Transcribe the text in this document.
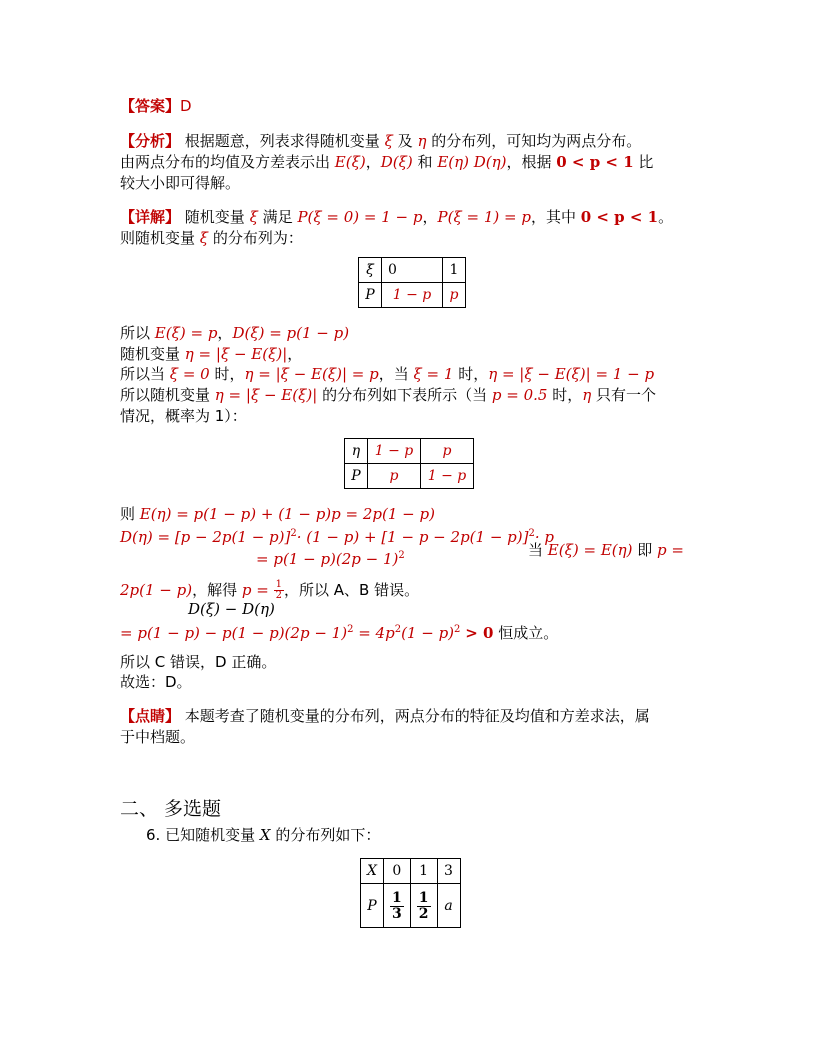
【答案】D
【分析】 根据题意，列表求得随机变量 ξ 及 η 的分布列，可知均为两点分布。
由两点分布的均值及方差表示出 E(ξ)，D(ξ) 和 E(η) D(η)，根据 0 < p < 1 比
较大小即可得解。
【详解】 随机变量 ξ 满足 P(ξ = 0) = 1 − p，P(ξ = 1) = p，其中 0 < p < 1。
则随机变量 ξ 的分布列为：
ξ	0	1
P	1 − p	p
所以 E(ξ) = p，D(ξ) = p(1 − p)
随机变量 η = |ξ − E(ξ)|，
所以当 ξ = 0 时，η = |ξ − E(ξ)| = p，当 ξ = 1 时，η = |ξ − E(ξ)| = 1 − p
所以随机变量 η = |ξ − E(ξ)| 的分布列如下表所示（当 p = 0.5 时，η 只有一个
情况，概率为 1）：
η	1 − p	p
P	p	1 − p
则 E(η) = p(1 − p) + (1 − p)p = 2p(1 − p)
$D(\eta) = [p - 2p(1 - p)]^2\cdot (1 - p) + [1 - p - 2p(1 - p)]^2\cdot p$
= $p(1 - p)(2p - 1)^2$	当 E(ξ) = E(η) 即 p =
2p(1 − p)，解得 $p = \frac{1}{2}$ ，所以 A、B 错误。
D(ξ) − D(η)
= $p(1 - p) - p(1 - p)(2p - 1)^2 = 4p^2(1 - p)^2 > 0$ 恒成立。
所以 C 错误，D 正确。
故选：D。
【点睛】 本题考查了随机变量的分布列，两点分布的特征及均值和方差求法，属
于中档题。
二、 多选题
6. 已知随机变量 X 的分布列如下：
X	0	1	3
P	$\frac{1}{3}$	$\frac{1}{2}$	a
